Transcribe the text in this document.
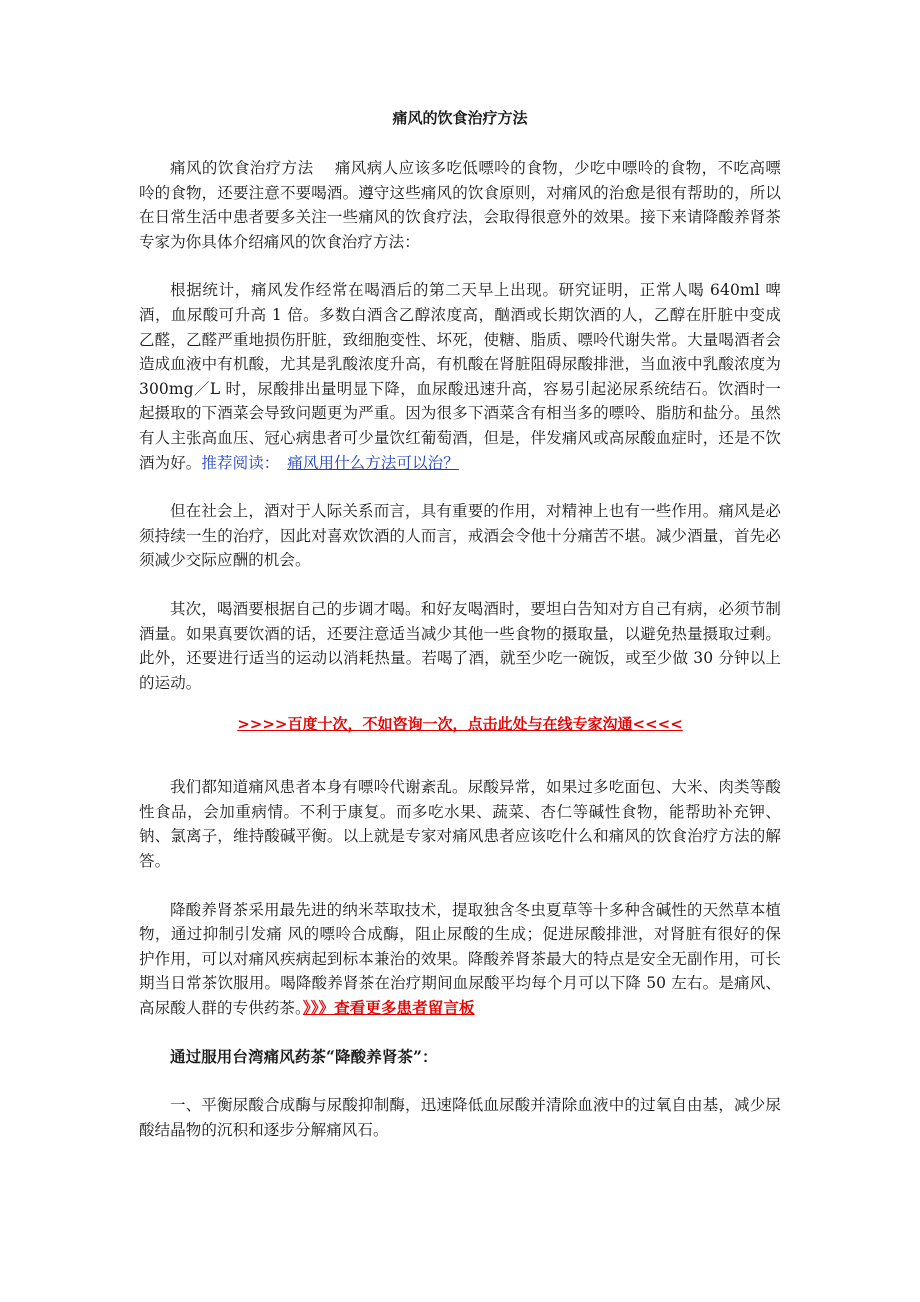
痛风的饮食治疗方法

痛风的饮食治疗方法　 痛风病人应该多吃低嘌呤的食物，少吃中嘌呤的食物，不吃高嘌呤的食物，还要注意不要喝酒。遵守这些痛风的饮食原则，对痛风的治愈是很有帮助的，所以在日常生活中患者要多关注一些痛风的饮食疗法，会取得很意外的效果。接下来请降酸养肾茶专家为你具体介绍痛风的饮食治疗方法：

根据统计，痛风发作经常在喝酒后的第二天早上出现。研究证明，正常人喝 640ml 啤酒，血尿酸可升高 1 倍。多数白酒含乙醇浓度高，酗酒或长期饮酒的人，乙醇在肝脏中变成乙醛，乙醛严重地损伤肝脏，致细胞变性、坏死，使糖、脂质、嘌呤代谢失常。大量喝酒者会造成血液中有机酸，尤其是乳酸浓度升高，有机酸在肾脏阻碍尿酸排泄，当血液中乳酸浓度为 300mg／L 时，尿酸排出量明显下降，血尿酸迅速升高，容易引起泌尿系统结石。饮酒时一起摄取的下酒菜会导致问题更为严重。因为很多下酒菜含有相当多的嘌呤、脂肪和盐分。虽然有人主张高血压、冠心病患者可少量饮红葡萄酒，但是，伴发痛风或高尿酸血症时，还是不饮酒为好。推荐阅读：　 痛风用什么方法可以治？

但在社会上，酒对于人际关系而言，具有重要的作用，对精神上也有一些作用。痛风是必须持续一生的治疗，因此对喜欢饮酒的人而言，戒酒会令他十分痛苦不堪。减少酒量，首先必须减少交际应酬的机会。

其次，喝酒要根据自己的步调才喝。和好友喝酒时，要坦白告知对方自己有病，必须节制酒量。如果真要饮酒的话，还要注意适当减少其他一些食物的摄取量，以避免热量摄取过剩。此外，还要进行适当的运动以消耗热量。若喝了酒，就至少吃一碗饭，或至少做 30 分钟以上的运动。

>>>>百度十次，不如咨询一次，点击此处与在线专家沟通<<<<

我们都知道痛风患者本身有嘌呤代谢紊乱。尿酸异常，如果过多吃面包、大米、肉类等酸性食品，会加重病情。不利于康复。而多吃水果、蔬菜、杏仁等碱性食物，能帮助补充钾、钠、氯离子，维持酸碱平衡。以上就是专家对痛风患者应该吃什么和痛风的饮食治疗方法的解答。

降酸养肾茶采用最先进的纳米萃取技术，提取独含冬虫夏草等十多种含碱性的天然草本植物，通过抑制引发痛 风的嘌呤合成酶，阻止尿酸的生成；促进尿酸排泄，对肾脏有很好的保护作用，可以对痛风疾病起到标本兼治的效果。降酸养肾茶最大的特点是安全无副作用，可长期当日常茶饮服用。喝降酸养肾茶在治疗期间血尿酸平均每个月可以下降 50 左右。是痛风、高尿酸人群的专供药茶。》》》查看更多患者留言板

通过服用台湾痛风药茶“降酸养肾茶”：

一、平衡尿酸合成酶与尿酸抑制酶，迅速降低血尿酸并清除血液中的过氧自由基，减少尿酸结晶物的沉积和逐步分解痛风石。
